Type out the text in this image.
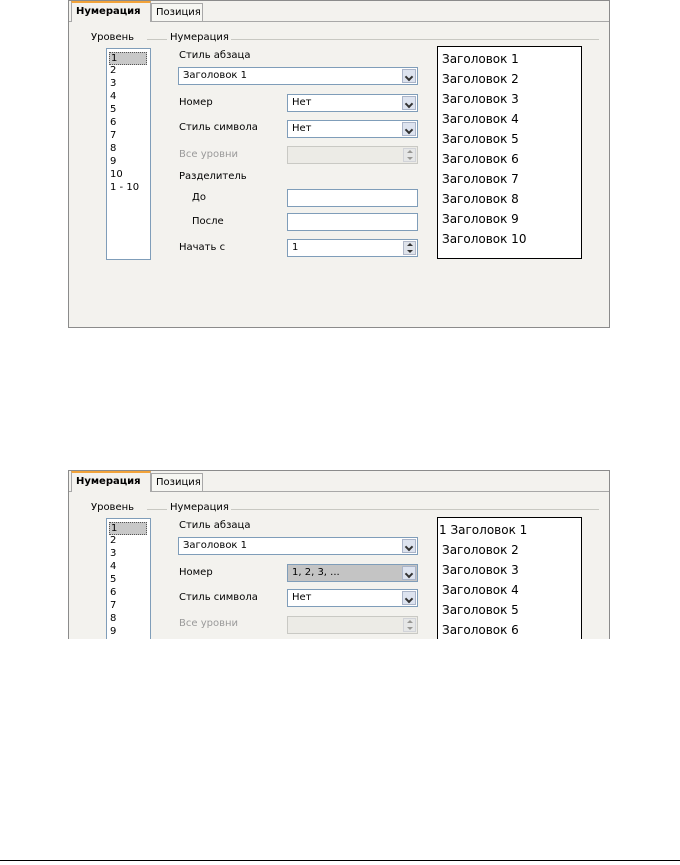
Нумерация	Позиция
Уровень	Нумерация
1
2
3
4
5
6
7
8
9
10
1 - 10
Стиль абзаца
Заголовок 1
Номер	Нет
Стиль символа	Нет
Все уровни
Разделитель
До
После
Начать с	1
Заголовок 1
Заголовок 2
Заголовок 3
Заголовок 4
Заголовок 5
Заголовок 6
Заголовок 7
Заголовок 8
Заголовок 9
Заголовок 10
Нумерация	Позиция
Уровень	Нумерация
1
2
3
4
5
6
7
8
9
Стиль абзаца
Заголовок 1
Номер	1, 2, 3, ...
Стиль символа	Нет
Все уровни
1 Заголовок 1
Заголовок 2
Заголовок 3
Заголовок 4
Заголовок 5
Заголовок 6
